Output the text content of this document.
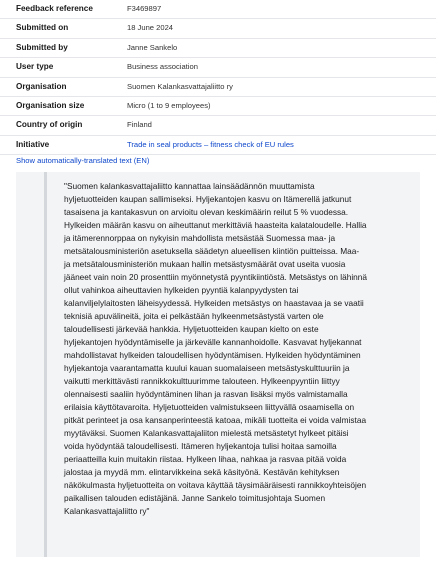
Feedback reference	F3469897
Submitted on	18 June 2024
Submitted by	Janne Sankelo
User type	Business association
Organisation	Suomen Kalankasvattajaliitto ry
Organisation size	Micro (1 to 9 employees)
Country of origin	Finland
Initiative	Trade in seal products – fitness check of EU rules
Show automatically-translated text (EN)

"Suomen kalankasvattajaliitto kannattaa lainsäädännön muuttamista
hyljetuotteiden kaupan sallimiseksi. Hyljekantojen kasvu on Itämerellä jatkunut
tasaisena ja kantakasvun on arvioitu olevan keskimäärin reilut 5 % vuodessa.
Hylkeiden määrän kasvu on aiheuttanut merkittäviä haasteita kalataloudelle. Hallia
ja itämerennorppaa on nykyisin mahdollista metsästää Suomessa maa- ja
metsätalousministeriön asetuksella säädetyn alueellisen kiintiön puitteissa. Maa-
ja metsätalousministeriön mukaan hallin metsästysmäärät ovat useita vuosia
jääneet vain noin 20 prosenttiin myönnetystä pyyntikiintiöstä. Metsästys on lähinnä
ollut vahinkoa aiheuttavien hylkeiden pyyntiä kalanpyydysten tai
kalanviljelylaitosten läheisyydessä. Hylkeiden metsästys on haastavaa ja se vaatii
teknisiä apuvälineitä, joita ei pelkästään hylkeenmetsästystä varten ole
taloudellisesti järkevää hankkia. Hyljetuotteiden kaupan kielto on este
hyljekantojen hyödyntämiselle ja järkevälle kannanhoidolle. Kasvavat hyljekannat
mahdollistavat hylkeiden taloudellisen hyödyntämisen. Hylkeiden hyödyntäminen
hyljekantoja vaarantamatta kuului kauan suomalaiseen metsästyskulttuuriin ja
vaikutti merkittävästi rannikkokulttuurimme talouteen. Hylkeenpyyntiin liittyy
olennaisesti saaliin hyödyntäminen lihan ja rasvan lisäksi myös valmistamalla
erilaisia käyttötavaroita. Hyljetuotteiden valmistukseen liittyvällä osaamisella on
pitkät perinteet ja osa kansanperinteestä katoaa, mikäli tuotteita ei voida valmistaa
myytäväksi. Suomen Kalankasvattajaliiton mielestä metsästetyt hylkeet pitäisi
voida hyödyntää taloudellisesti. Itämeren hyljekantoja tulisi hoitaa samoilla
periaatteilla kuin muitakin riistaa. Hylkeen lihaa, nahkaa ja rasvaa pitää voida
jalostaa ja myydä mm. elintarvikkeina sekä käsityönä. Kestävän kehityksen
näkökulmasta hyljetuotteita on voitava käyttää täysimääräisesti rannikkoyhteisöjen
paikallisen talouden edistäjänä. Janne Sankelo toimitusjohtaja Suomen
Kalankasvattajaliitto ry"
